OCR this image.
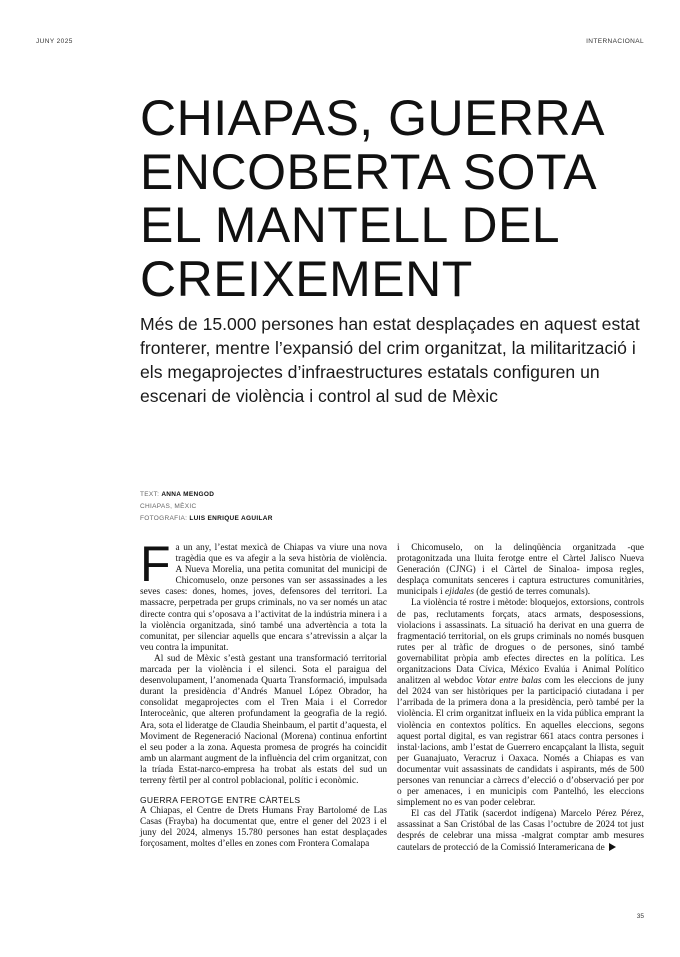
JUNY 2025	INTERNACIONAL
CHIAPAS, GUERRA ENCOBERTA SOTA EL MANTELL DEL CREIXEMENT

Més de 15.000 persones han estat desplaçades en aquest estat fronterer, mentre l’expansió del crim organitzat, la militarització i els megaprojectes d’infraestructures estatals configuren un escenari de violència i control al sud de Mèxic

TEXT: ANNA MENGOD
CHIAPAS, MÈXIC
FOTOGRAFIA: LUIS ENRIQUE AGUILAR

Fa un any, l’estat mexicà de Chiapas va viure una nova tragèdia que es va afegir a la seva història de violència. A Nueva Morelia, una petita comunitat del municipi de Chicomuselo, onze persones van ser assassinades a les seves cases: dones, homes, joves, defensores del territori. La massacre, perpetrada per grups criminals, no va ser només un atac directe contra qui s’oposava a l’activitat de la indústria minera i a la violència organitzada, sinó també una advertència a tota la comunitat, per silenciar aquells que encara s’atrevissin a alçar la veu contra la impunitat.

Al sud de Mèxic s’està gestant una transformació territorial marcada per la violència i el silenci. Sota el paraigua del desenvolupament, l’anomenada Quarta Transformació, impulsada durant la presidència d’Andrés Manuel López Obrador, ha consolidat megaprojectes com el Tren Maia i el Corredor Interoceànic, que alteren profundament la geografia de la regió. Ara, sota el lideratge de Claudia Sheinbaum, el partit d’aquesta, el Moviment de Regeneració Nacional (Morena) continua enfortint el seu poder a la zona. Aquesta promesa de progrés ha coincidit amb un alarmant augment de la influència del crim organitzat, con la tríada Estat-narco-empresa ha trobat als estats del sud un terreny fèrtil per al control poblacional, polític i econòmic.

GUERRA FEROTGE ENTRE CÀRTELS

A Chiapas, el Centre de Drets Humans Fray Bartolomé de Las Casas (Frayba) ha documentat que, entre el gener del 2023 i el juny del 2024, almenys 15.780 persones han estat desplaçades forçosament, moltes d’elles en zones com Frontera Comalapa

i Chicomuselo, on la delinqüència organitzada -que protagonitzada una lluita ferotge entre el Càrtel Jalisco Nueva Generación (CJNG) i el Càrtel de Sinaloa- imposa regles, desplaça comunitats senceres i captura estructures comunitàries, municipals i ejidales (de gestió de terres comunals).

La violència té rostre i mètode: bloquejos, extorsions, controls de pas, reclutaments forçats, atacs armats, desposessions, violacions i assassinats. La situació ha derivat en una guerra de fragmentació territorial, on els grups criminals no només busquen rutes per al tràfic de drogues o de persones, sinó també governabilitat pròpia amb efectes directes en la política. Les organitzacions Data Cívica, México Evalúa i Animal Político analitzen al webdoc Votar entre balas com les eleccions de juny del 2024 van ser històriques per la participació ciutadana i per l’arribada de la primera dona a la presidència, però també per la violència. El crim organitzat influeix en la vida pública emprant la violència en contextos polítics. En aquelles eleccions, segons aquest portal digital, es van registrar 661 atacs contra persones i instal·lacions, amb l’estat de Guerrero encapçalant la llista, seguit per Guanajuato, Veracruz i Oaxaca. Només a Chiapas es van documentar vuit assassinats de candidats i aspirants, més de 500 persones van renunciar a càrrecs d’elecció o d’observació per por o per amenaces, i en municipis com Pantelhó, les eleccions simplement no es van poder celebrar.

El cas del JTatik (sacerdot indígena) Marcelo Pérez Pérez, assassinat a San Cristóbal de las Casas l’octubre de 2024 tot just després de celebrar una missa -malgrat comptar amb mesures cautelars de protecció de la Comissió Interamericana de

35
